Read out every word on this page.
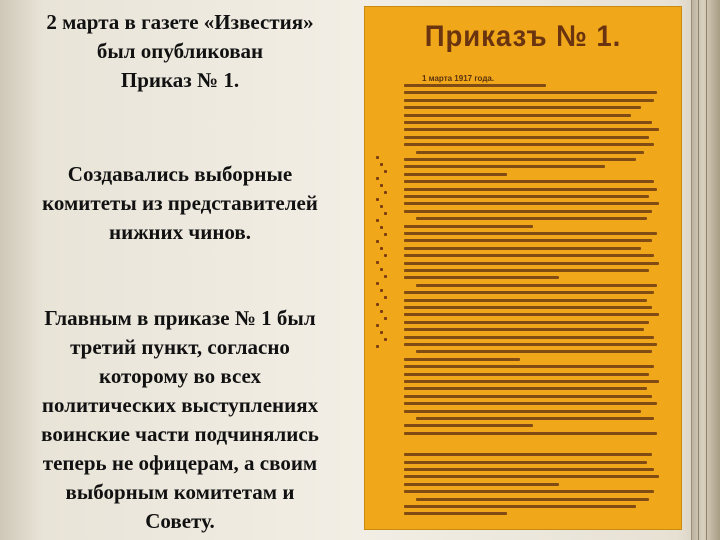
2 марта в газете «Известия»
был опубликован
Приказ № 1.

Создавались выборные
комитеты из представителей
нижних чинов.

Главным в приказе № 1 был
третий пункт, согласно
которому во всех
политических выступлениях
воинские части подчинялись
теперь не офицерам, а своим
выборным комитетам и
Совету.

Приказъ № 1.
1 марта 1917 года.
